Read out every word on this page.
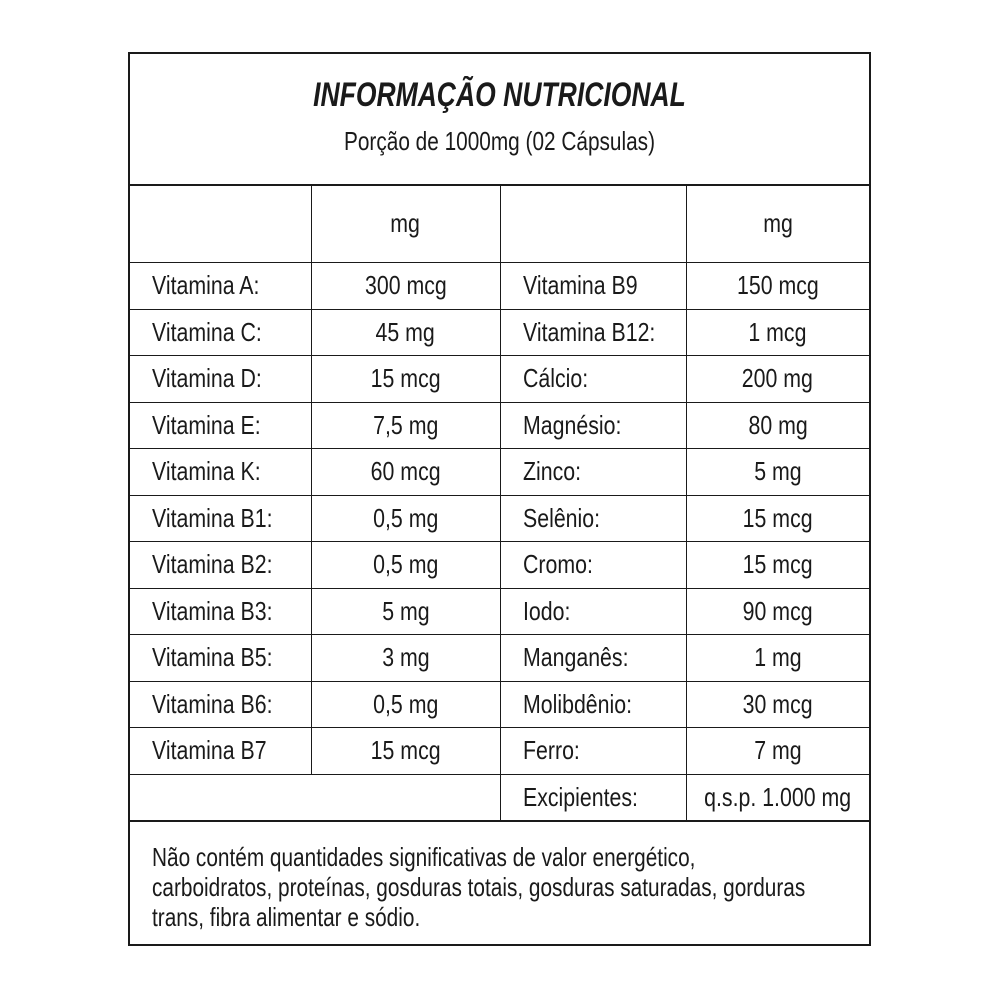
INFORMAÇÃO NUTRICIONAL
Porção de 1000mg (02 Cápsulas)
	mg		mg
Vitamina A:	300 mcg	Vitamina B9	150 mcg
Vitamina C:	45 mg	Vitamina B12:	1 mcg
Vitamina D:	15 mcg	Cálcio:	200 mg
Vitamina E:	7,5 mg	Magnésio:	80 mg
Vitamina K:	60 mcg	Zinco:	5 mg
Vitamina B1:	0,5 mg	Selênio:	15 mcg
Vitamina B2:	0,5 mg	Cromo:	15 mcg
Vitamina B3:	5 mg	Iodo:	90 mcg
Vitamina B5:	3 mg	Manganês:	1 mg
Vitamina B6:	0,5 mg	Molibdênio:	30 mcg
Vitamina B7	15 mcg	Ferro:	7 mg
		Excipientes:	q.s.p. 1.000 mg
Não contém quantidades significativas de valor energético, carboidratos, proteínas, gosduras totais, gosduras saturadas, gorduras trans, fibra alimentar e sódio.
